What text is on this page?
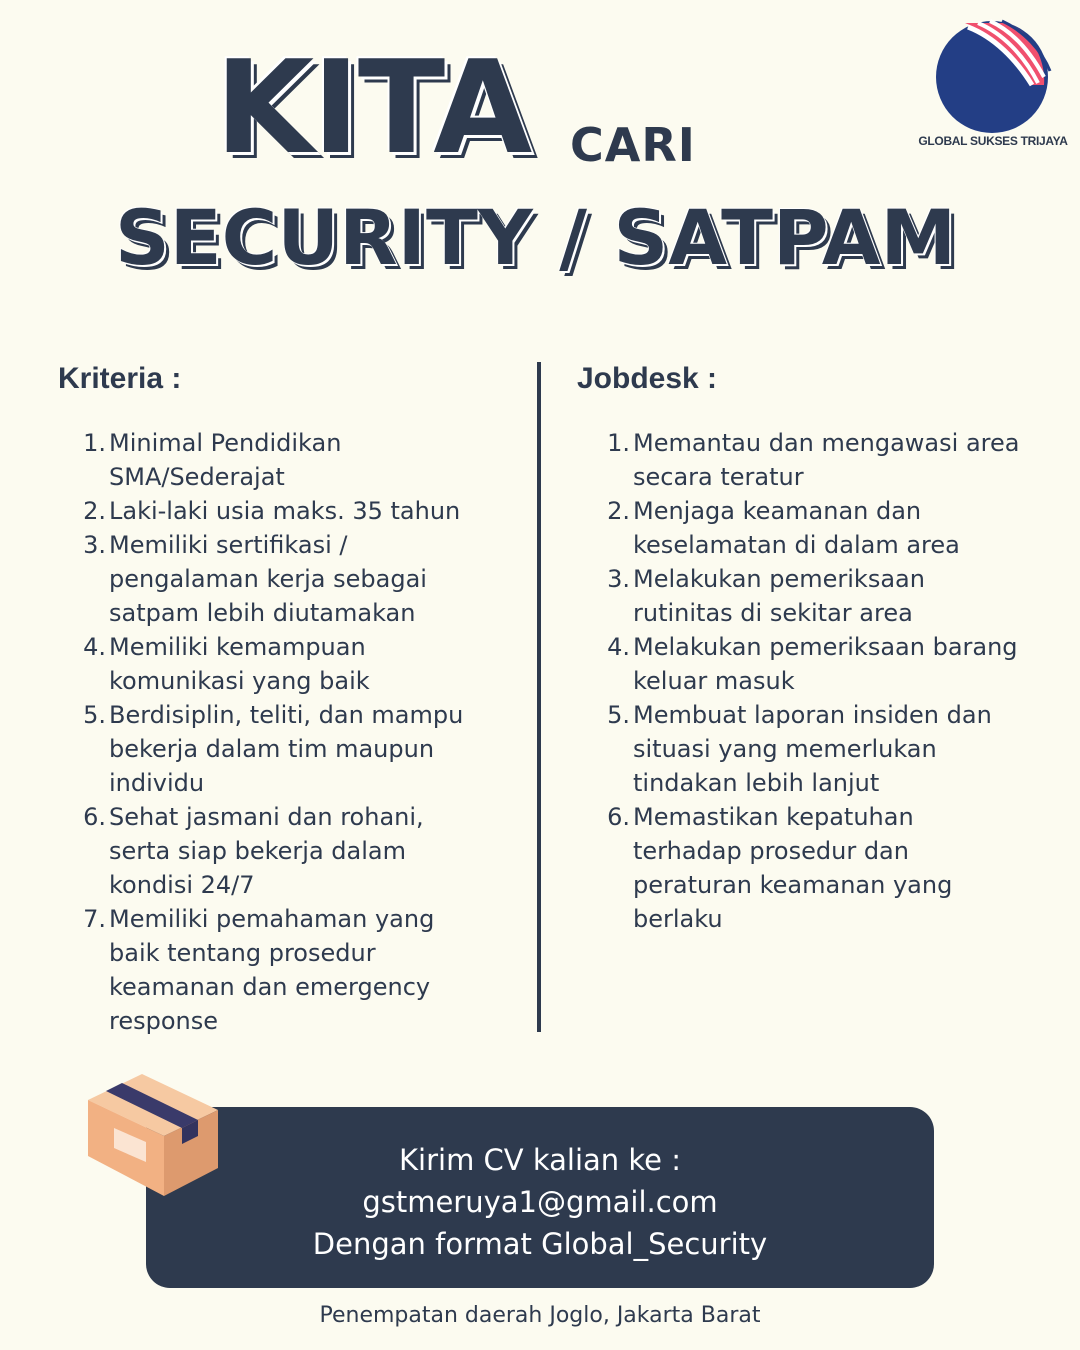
KITA CARI
SECURITY / SATPAM
GLOBAL SUKSES TRIJAYA
Kriteria :	Jobdesk :
1. Minimal Pendidikan SMA/Sederajat
2. Laki-laki usia maks. 35 tahun
3. Memiliki sertifikasi / pengalaman kerja sebagai satpam lebih diutamakan
4. Memiliki kemampuan komunikasi yang baik
5. Berdisiplin, teliti, dan mampu bekerja dalam tim maupun individu
6. Sehat jasmani dan rohani, serta siap bekerja dalam kondisi 24/7
7. Memiliki pemahaman yang baik tentang prosedur keamanan dan emergency response
1. Memantau dan mengawasi area secara teratur
2. Menjaga keamanan dan keselamatan di dalam area
3. Melakukan pemeriksaan rutinitas di sekitar area
4. Melakukan pemeriksaan barang keluar masuk
5. Membuat laporan insiden dan situasi yang memerlukan tindakan lebih lanjut
6. Memastikan kepatuhan terhadap prosedur dan peraturan keamanan yang berlaku
Kirim CV kalian ke :
gstmeruya1@gmail.com
Dengan format Global_Security
Penempatan daerah Joglo, Jakarta Barat
